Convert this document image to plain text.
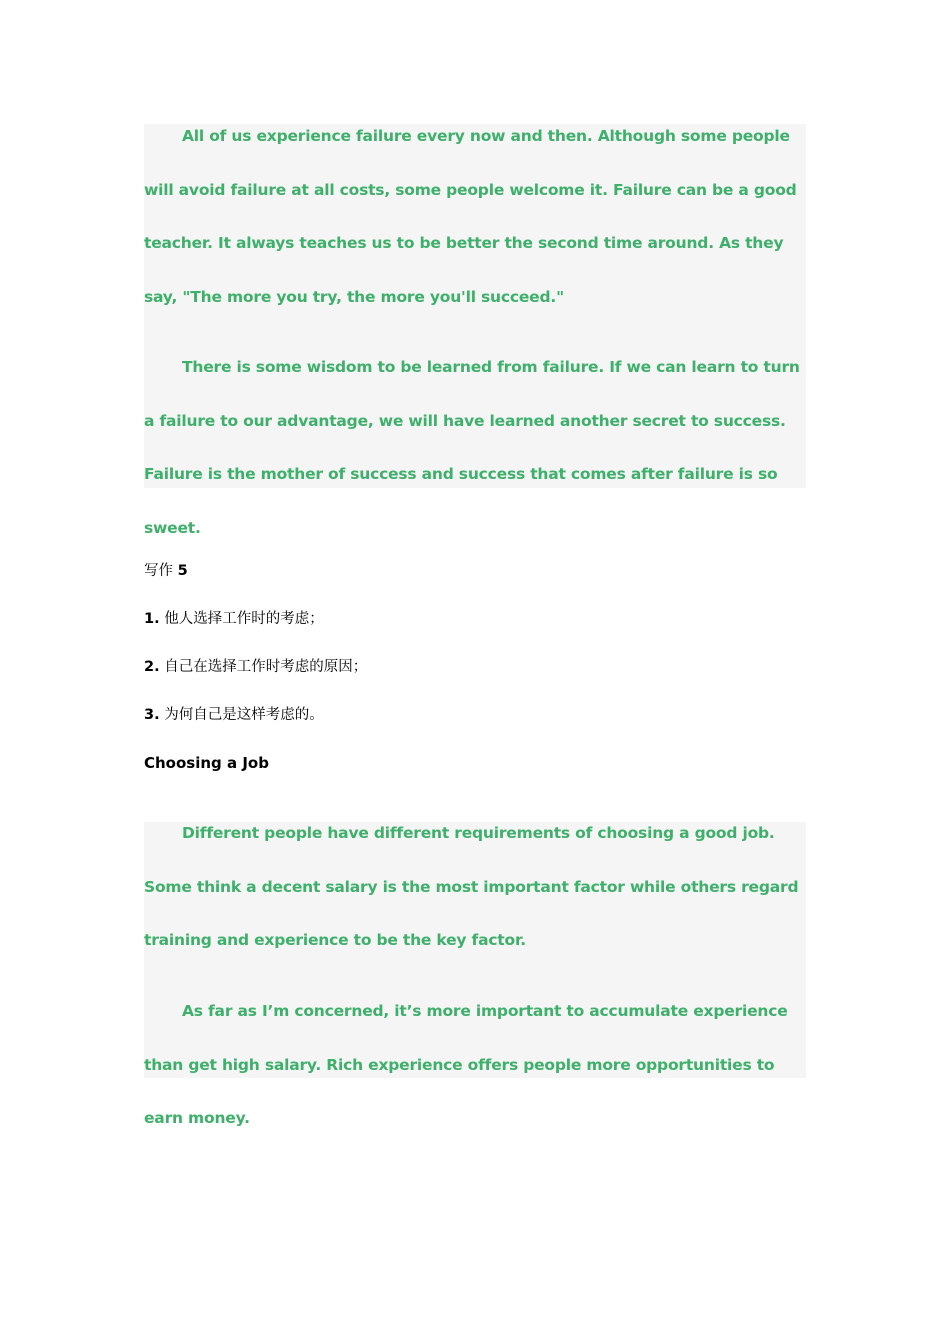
All of us experience failure every now and then. Although some people will avoid failure at all costs, some people welcome it. Failure can be a good teacher. It always teaches us to be better the second time around. As they say, "The more you try, the more you'll succeed."

There is some wisdom to be learned from failure. If we can learn to turn a failure to our advantage, we will have learned another secret to success. Failure is the mother of success and success that comes after failure is so sweet.

写作 5

1. 他人选择工作时的考虑；

2. 自己在选择工作时考虑的原因；

3. 为何自己是这样考虑的。

Choosing a Job

Different people have different requirements of choosing a good job. Some think a decent salary is the most important factor while others regard training and experience to be the key factor.

As far as I’m concerned, it’s more important to accumulate experience than get high salary. Rich experience offers people more opportunities to earn money.
